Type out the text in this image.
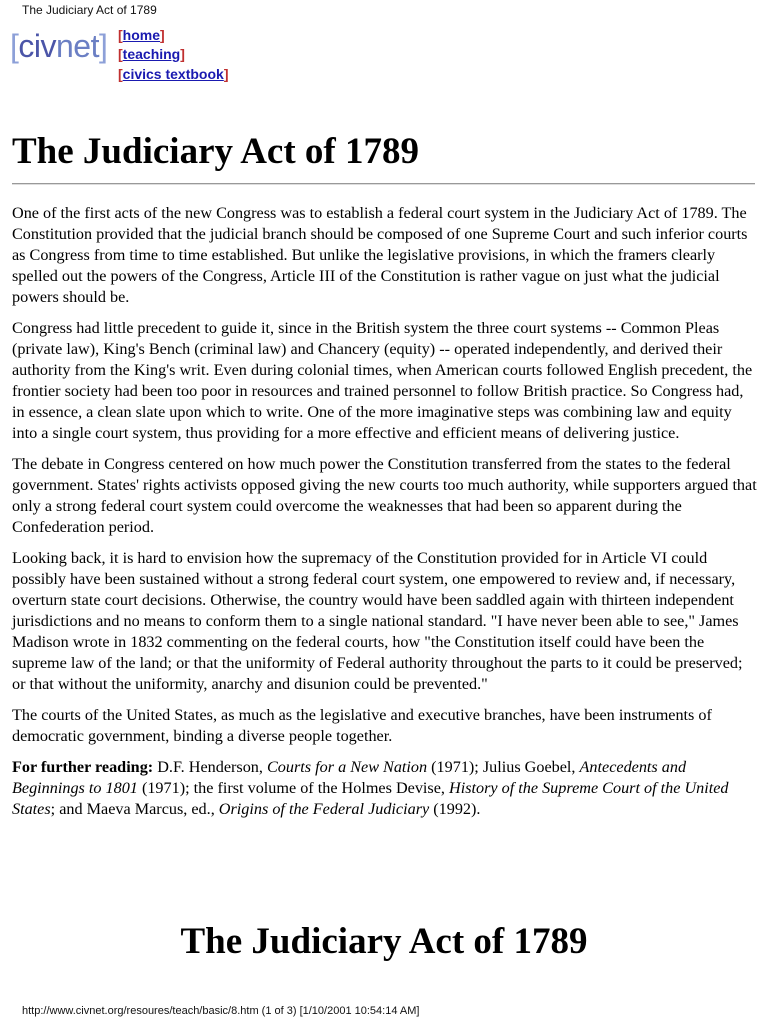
The Judiciary Act of 1789
[civnet] [home]
[teaching]
[civics textbook]
The Judiciary Act of 1789

One of the first acts of the new Congress was to establish a federal court system in the Judiciary Act of 1789. The Constitution provided that the judicial branch should be composed of one Supreme Court and such inferior courts as Congress from time to time established. But unlike the legislative provisions, in which the framers clearly spelled out the powers of the Congress, Article III of the Constitution is rather vague on just what the judicial powers should be.

Congress had little precedent to guide it, since in the British system the three court systems -- Common Pleas (private law), King's Bench (criminal law) and Chancery (equity) -- operated independently, and derived their authority from the King's writ. Even during colonial times, when American courts followed English precedent, the frontier society had been too poor in resources and trained personnel to follow British practice. So Congress had, in essence, a clean slate upon which to write. One of the more imaginative steps was combining law and equity into a single court system, thus providing for a more effective and efficient means of delivering justice.

The debate in Congress centered on how much power the Constitution transferred from the states to the federal government. States' rights activists opposed giving the new courts too much authority, while supporters argued that only a strong federal court system could overcome the weaknesses that had been so apparent during the Confederation period.

Looking back, it is hard to envision how the supremacy of the Constitution provided for in Article VI could possibly have been sustained without a strong federal court system, one empowered to review and, if necessary, overturn state court decisions. Otherwise, the country would have been saddled again with thirteen independent jurisdictions and no means to conform them to a single national standard. "I have never been able to see," James Madison wrote in 1832 commenting on the federal courts, how "the Constitution itself could have been the supreme law of the land; or that the uniformity of Federal authority throughout the parts to it could be preserved; or that without the uniformity, anarchy and disunion could be prevented."

The courts of the United States, as much as the legislative and executive branches, have been instruments of democratic government, binding a diverse people together.

For further reading: D.F. Henderson, Courts for a New Nation (1971); Julius Goebel, Antecedents and Beginnings to 1801 (1971); the first volume of the Holmes Devise, History of the Supreme Court of the United States; and Maeva Marcus, ed., Origins of the Federal Judiciary (1992).

The Judiciary Act of 1789
http://www.civnet.org/resoures/teach/basic/8.htm (1 of 3) [1/10/2001 10:54:14 AM]
